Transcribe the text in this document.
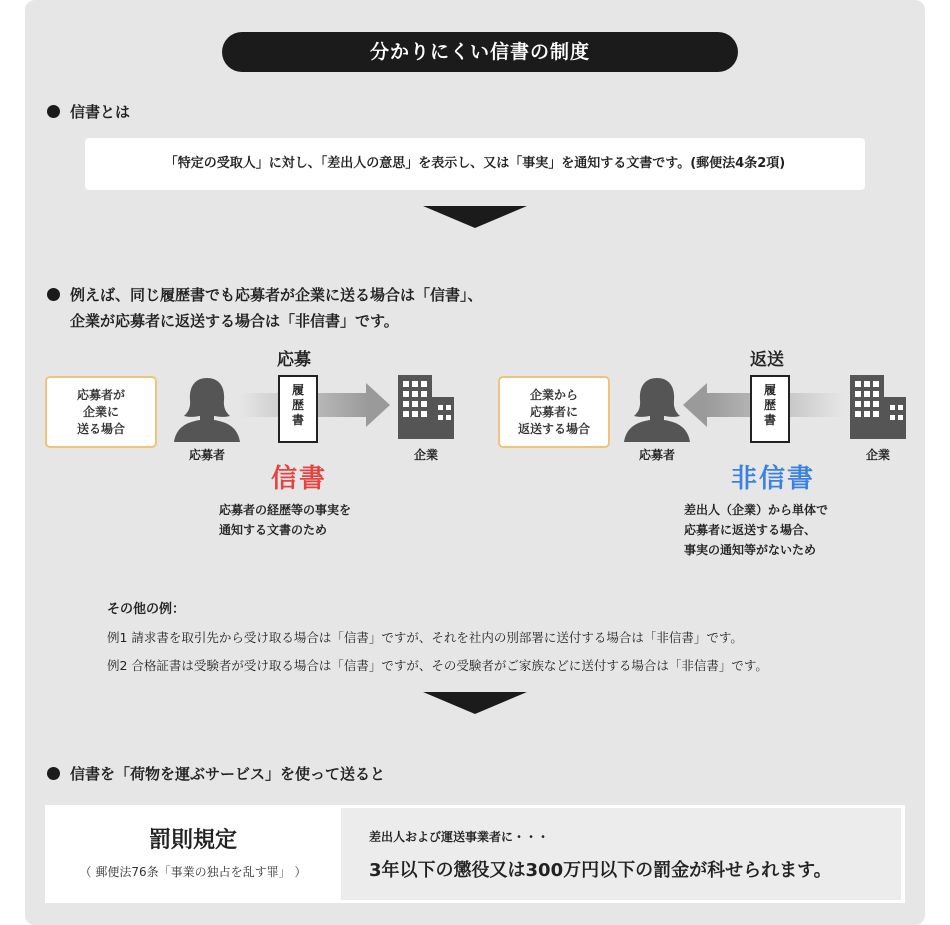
分かりにくい信書の制度
信書とは
「特定の受取人」に対し、「差出人の意思」を表示し、又は「事実」を通知する文書です。(郵便法4条2項)
例えば、同じ履歴書でも応募者が企業に送る場合は「信書」、
企業が応募者に返送する場合は「非信書」です。
応募者が
企業に
送る場合
応募者
応募
履
歴
書
企業
信書
応募者の経歴等の事実を
通知する文書のため
企業から
応募者に
返送する場合
応募者
返送
履
歴
書
企業
非信書
差出人（企業）から単体で
応募者に返送する場合、
事実の通知等がないため
その他の例：
例1 請求書を取引先から受け取る場合は「信書」ですが、それを社内の別部署に送付する場合は「非信書」です。
例2 合格証書は受験者が受け取る場合は「信書」ですが、その受験者がご家族などに送付する場合は「非信書」です。
信書を「荷物を運ぶサービス」を使って送ると
罰則規定
（ 郵便法76条「事業の独占を乱す罪」 ）
差出人および運送事業者に・・・
3年以下の懲役又は300万円以下の罰金が科せられます。
